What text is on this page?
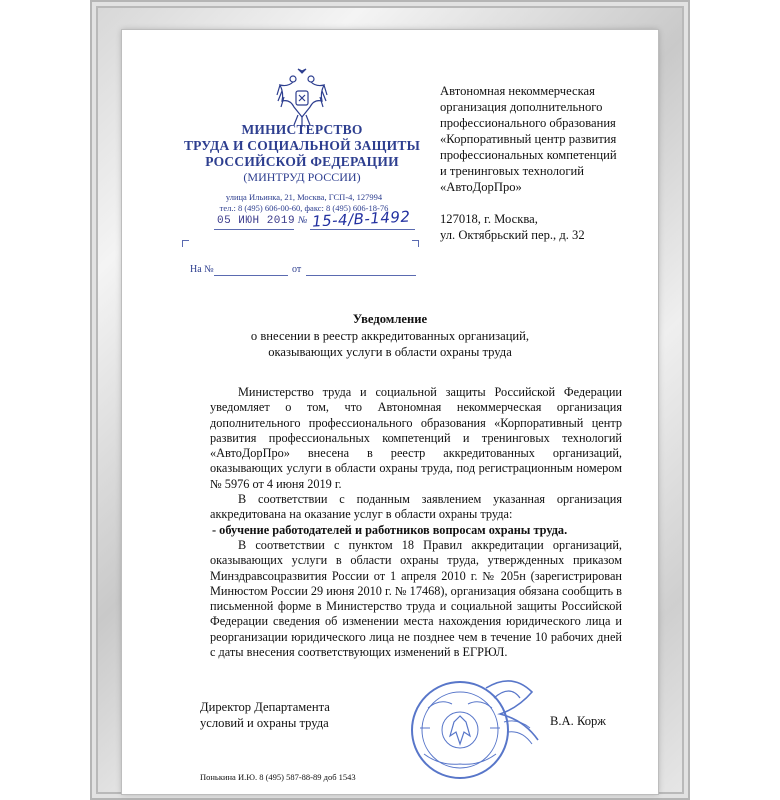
МИНИСТЕРСТВО
ТРУДА И СОЦИАЛЬНОЙ ЗАЩИТЫ
РОССИЙСКОЙ ФЕДЕРАЦИИ
(МИНТРУД РОССИИ)
улица Ильинка, 21, Москва, ГСП-4, 127994
тел.: 8 (495) 606-00-60, факс: 8 (495) 606-18-76
05 ИЮН 2019 № 15-4/В-1492
На №	от
Автономная некоммерческая
организация дополнительного
профессионального образования
«Корпоративный центр развития
профессиональных компетенций
и тренинговых технологий
«АвтоДорПро»
127018, г. Москва,
ул. Октябрьский пер., д. 32
Уведомление
о внесении в реестр аккредитованных организаций,
оказывающих услуги в области охраны труда

Министерство труда и социальной защиты Российской Федерации уведомляет о том, что Автономная некоммерческая организация дополнительного профессионального образования «Корпоративный центр развития профессиональных компетенций и тренинговых технологий «АвтоДорПро» внесена в реестр аккредитованных организаций, оказывающих услуги в области охраны труда, под регистрационным номером № 5976 от 4 июня 2019 г.

В соответствии с поданным заявлением указанная организация аккредитована на оказание услуг в области охраны труда:

- обучение работодателей и работников вопросам охраны труда.

В соответствии с пунктом 18 Правил аккредитации организаций, оказывающих услуги в области охраны труда, утвержденных приказом Минздравсоцразвития России от 1 апреля 2010 г. № 205н (зарегистрирован Минюстом России 29 июня 2010 г. № 17468), организация обязана сообщить в письменной форме в Министерство труда и социальной защиты Российской Федерации сведения об изменении места нахождения юридического лица и реорганизации юридического лица не позднее чем в течение 10 рабочих дней с даты внесения соответствующих изменений в ЕГРЮЛ.

Директор Департамента
условий и охраны труда	В.А. Корж
Понькина И.Ю. 8 (495) 587-88-89 доб 1543
